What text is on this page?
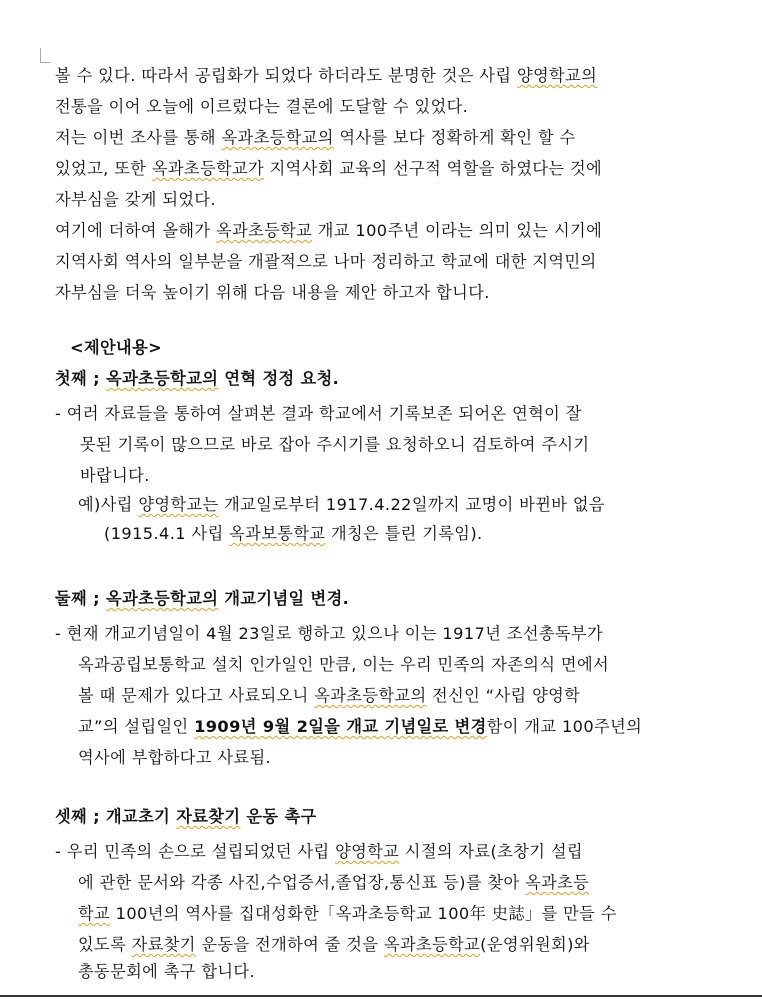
볼 수 있다. 따라서 공립화가 되었다 하더라도 분명한 것은 사립 양영학교의
전통을 이어 오늘에 이르렀다는 결론에 도달할 수 있었다.
저는 이번 조사를 통해 옥과초등학교의 역사를 보다 정확하게 확인 할 수
있었고, 또한 옥과초등학교가 지역사회 교육의 선구적 역할을 하였다는 것에
자부심을 갖게 되었다.
여기에 더하여 올해가 옥과초등학교 개교 100주년 이라는 의미 있는 시기에
지역사회 역사의 일부분을 개괄적으로 나마 정리하고 학교에 대한 지역민의
자부심을 더욱 높이기 위해 다음 내용을 제안 하고자 합니다.
<제안내용>
첫째 ; 옥과초등학교의 연혁 정정 요청.
- 여러 자료들을 통하여 살펴본 결과 학교에서 기록보존 되어온 연혁이 잘
못된 기록이 많으므로 바로 잡아 주시기를 요청하오니 검토하여 주시기
바랍니다.
예)사립 양영학교는 개교일로부터 1917.4.22일까지 교명이 바뀐바 없음
(1915.4.1 사립 옥과보통학교 개칭은 틀린 기록임).
둘째 ; 옥과초등학교의 개교기념일 변경.
- 현재 개교기념일이 4월 23일로 행하고 있으나 이는 1917년 조선총독부가
옥과공립보통학교 설치 인가일인 만큼, 이는 우리 민족의 자존의식 면에서
볼 때 문제가 있다고 사료되오니 옥과초등학교의 전신인 “사립 양영학
교”의 설립일인 1909년 9월 2일을 개교 기념일로 변경함이 개교 100주년의
역사에 부합하다고 사료됨.
셋째 ; 개교초기 자료찾기 운동 촉구
- 우리 민족의 손으로 설립되었던 사립 양영학교 시절의 자료(초창기 설립
에 관한 문서와 각종 사진,수업증서,졸업장,통신표 등)를 찾아 옥과초등
학교 100년의 역사를 집대성화한「옥과초등학교 100年 史誌」를 만들 수
있도록 자료찾기 운동을 전개하여 줄 것을 옥과초등학교(운영위원회)와
총동문회에 촉구 합니다.
